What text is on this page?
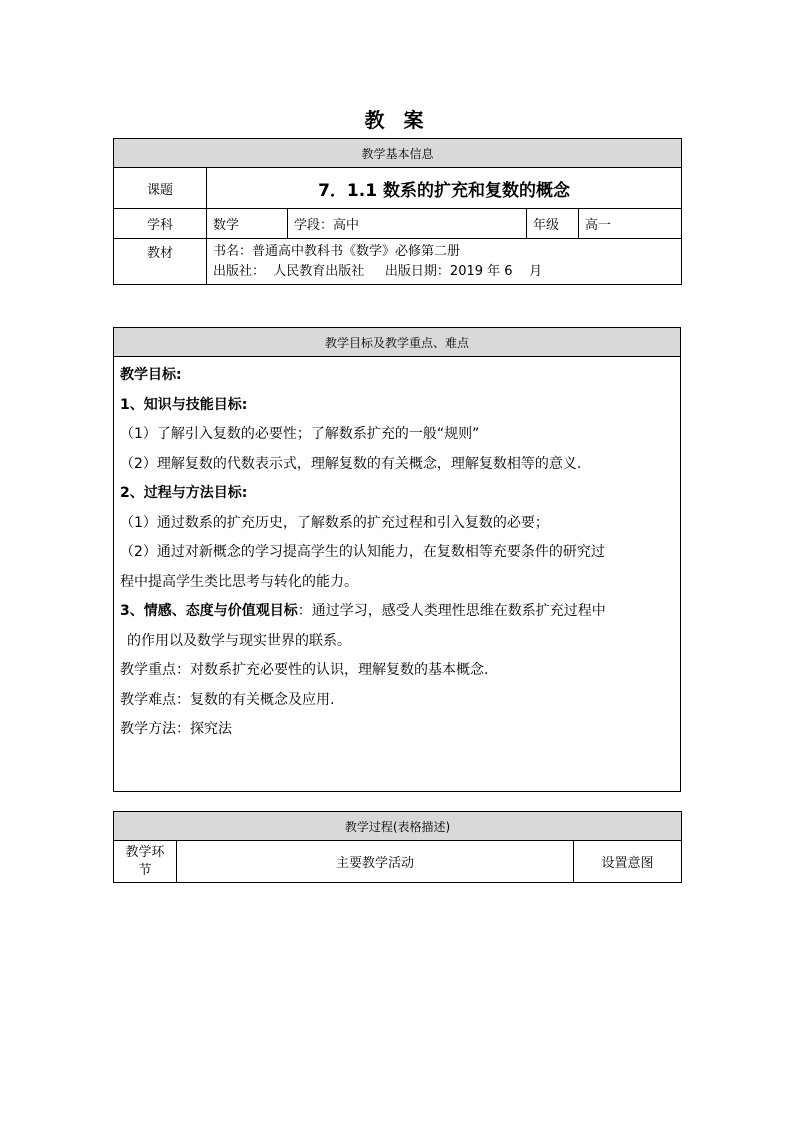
教 案
教学基本信息				
课题	7．1.1 数系的扩充和复数的概念			
学科	数学	学段：高中	年级	高一
教材	书名：普通高中教科书《数学》必修第二册
出版社：  人民教育出版社     出版日期：2019 年 6    月			
教学目标及教学重点、难点

教学目标:
1、知识与技能目标:
（1）了解引入复数的必要性；了解数系扩充的一般“规则”
（2）理解复数的代数表示式，理解复数的有关概念，理解复数相等的意义.
2、过程与方法目标:
（1）通过数系的扩充历史，了解数系的扩充过程和引入复数的必要；
（2）通过对新概念的学习提高学生的认知能力，在复数相等充要条件的研究过
程中提高学生类比思考与转化的能力。
3、情感、态度与价值观目标：通过学习，感受人类理性思维在数系扩充过程中
的作用以及数学与现实世界的联系。
教学重点：对数系扩充必要性的认识，理解复数的基本概念.
教学难点：复数的有关概念及应用.
教学方法：探究法
教学过程(表格描述)
教学环节	主要教学活动	设置意图
